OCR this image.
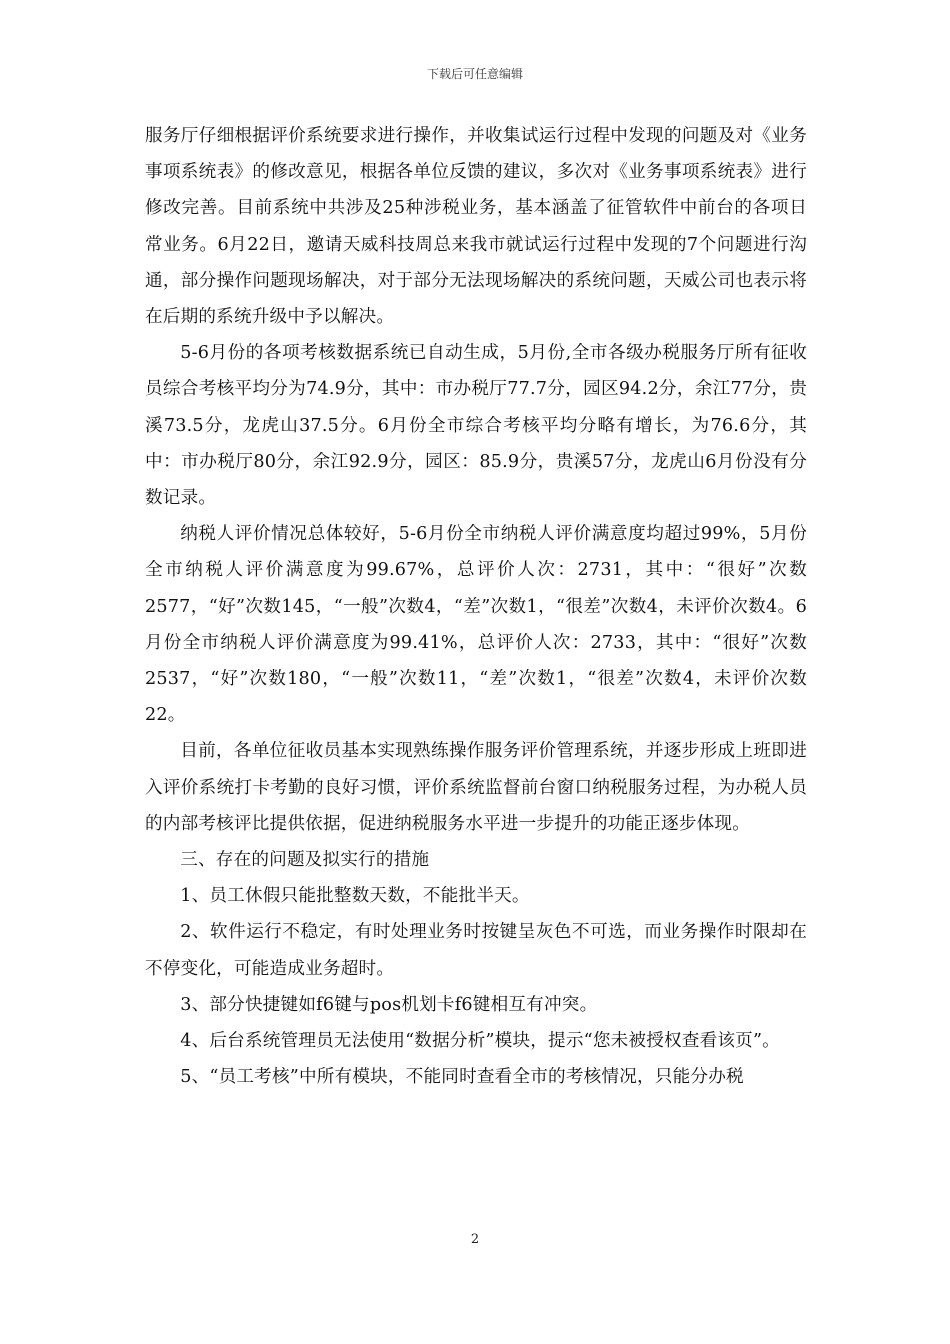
下载后可任意编辑

服务厅仔细根据评价系统要求进行操作，并收集试运行过程中发现的问题及对《业务事项系统表》的修改意见，根据各单位反馈的建议，多次对《业务事项系统表》进行修改完善。目前系统中共涉及25种涉税业务，基本涵盖了征管软件中前台的各项日常业务。6月22日，邀请天威科技周总来我市就试运行过程中发现的7个问题进行沟通，部分操作问题现场解决，对于部分无法现场解决的系统问题，天威公司也表示将在后期的系统升级中予以解决。

5-6月份的各项考核数据系统已自动生成，5月份,全市各级办税服务厅所有征收员综合考核平均分为74.9分，其中：市办税厅77.7分，园区94.2分，余江77分，贵溪73.5分，龙虎山37.5分。6月份全市综合考核平均分略有增长，为76.6分，其中：市办税厅80分，余江92.9分，园区：85.9分，贵溪57分，龙虎山6月份没有分数记录。

纳税人评价情况总体较好，5-6月份全市纳税人评价满意度均超过99%，5月份全市纳税人评价满意度为99.67%，总评价人次：2731，其中：“很好”次数2577，“好”次数145，“一般”次数4，“差”次数1，“很差”次数4，未评价次数4。6月份全市纳税人评价满意度为99.41%，总评价人次：2733，其中：“很好”次数2537，“好”次数180，“一般”次数11，“差”次数1，“很差”次数4，未评价次数22。

目前，各单位征收员基本实现熟练操作服务评价管理系统，并逐步形成上班即进入评价系统打卡考勤的良好习惯，评价系统监督前台窗口纳税服务过程，为办税人员的内部考核评比提供依据，促进纳税服务水平进一步提升的功能正逐步体现。

三、存在的问题及拟实行的措施

1、员工休假只能批整数天数，不能批半天。

2、软件运行不稳定，有时处理业务时按键呈灰色不可选，而业务操作时限却在不停变化，可能造成业务超时。

3、部分快捷键如f6键与pos机划卡f6键相互有冲突。

4、后台系统管理员无法使用“数据分析”模块，提示“您未被授权查看该页”。

5、“员工考核”中所有模块，不能同时查看全市的考核情况，只能分办税

2
